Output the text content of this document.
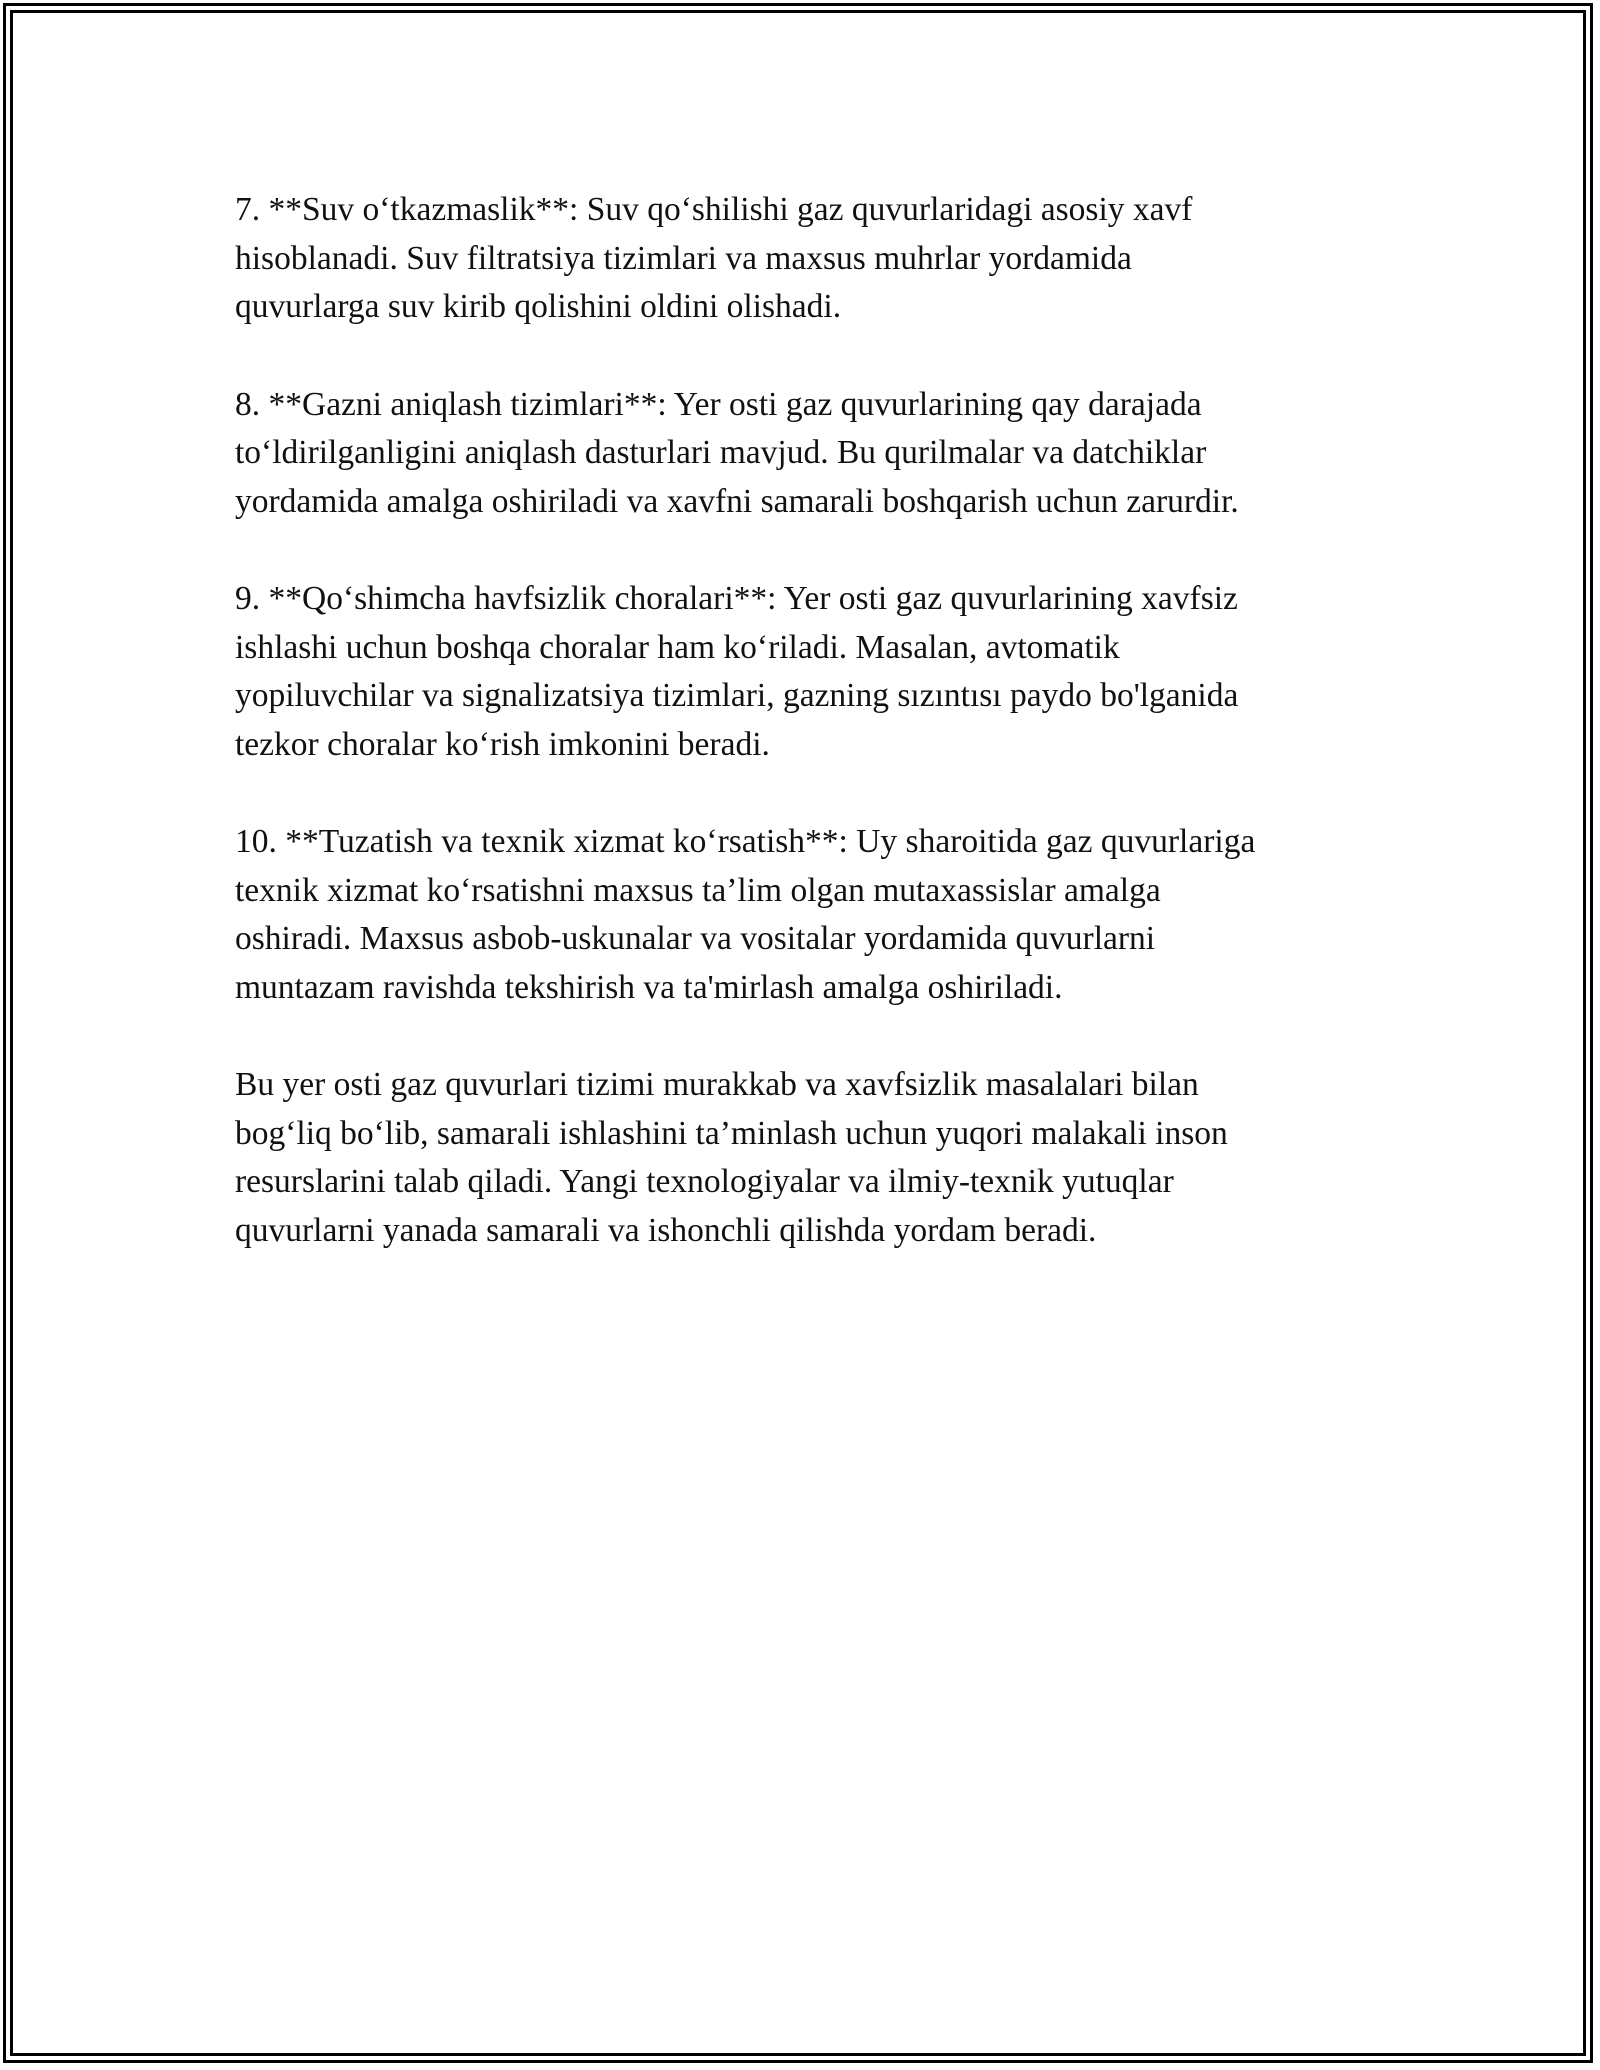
7. **Suv o‘tkazmaslik**: Suv qo‘shilishi gaz quvurlaridagi asosiy xavf
hisoblanadi. Suv filtratsiya tizimlari va maxsus muhrlar yordamida
quvurlarga suv kirib qolishini oldini olishadi.

8. **Gazni aniqlash tizimlari**: Yer osti gaz quvurlarining qay darajada
to‘ldirilganligini aniqlash dasturlari mavjud. Bu qurilmalar va datchiklar
yordamida amalga oshiriladi va xavfni samarali boshqarish uchun zarurdir.

9. **Qo‘shimcha havfsizlik choralari**: Yer osti gaz quvurlarining xavfsiz
ishlashi uchun boshqa choralar ham ko‘riladi. Masalan, avtomatik
yopiluvchilar va signalizatsiya tizimlari, gazning sızıntısı paydo bo'lganida
tezkor choralar ko‘rish imkonini beradi.

10. **Tuzatish va texnik xizmat ko‘rsatish**: Uy sharoitida gaz quvurlariga
texnik xizmat ko‘rsatishni maxsus ta’lim olgan mutaxassislar amalga
oshiradi. Maxsus asbob-uskunalar va vositalar yordamida quvurlarni
muntazam ravishda tekshirish va ta'mirlash amalga oshiriladi.

Bu yer osti gaz quvurlari tizimi murakkab va xavfsizlik masalalari bilan
bog‘liq bo‘lib, samarali ishlashini ta’minlash uchun yuqori malakali inson
resurslarini talab qiladi. Yangi texnologiyalar va ilmiy-texnik yutuqlar
quvurlarni yanada samarali va ishonchli qilishda yordam beradi.
